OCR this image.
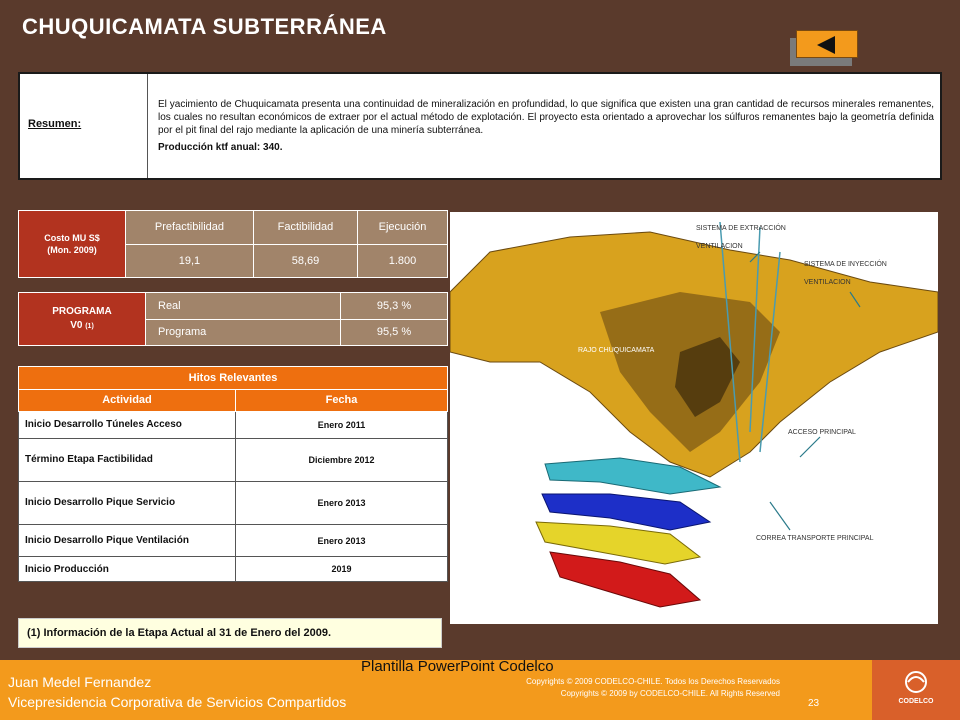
CHUQUICAMATA SUBTERRÁNEA
Resumen:
El yacimiento de Chuquicamata presenta una continuidad de mineralización en profundidad, lo que significa que existen una gran cantidad de recursos minerales remanentes, los cuales no resultan económicos de extraer por el actual método de explotación. El proyecto esta orientado a aprovechar los súlfuros remanentes bajo la geometría definida por el pit final del rajo mediante la aplicación de una minería subterránea.
Producción ktf anual: 340.
Costo MU S$
(Mon. 2009)	Prefactibilidad	Factibilidad	Ejecución
	19,1	58,69	1.800
PROGRAMA
V0 (1)	Real	95,3 %
	Programa	95,5 %
Hitos Relevantes	
Actividad	Fecha
Inicio Desarrollo Túneles Acceso	Enero 2011
Término Etapa Factibilidad	Diciembre 2012
Inicio Desarrollo Pique Servicio	Enero 2013
Inicio Desarrollo Pique Ventilación	Enero 2013
Inicio Producción	2019
(1) Información de la Etapa Actual al 31 de Enero del 2009.
SISTEMA DE EXTRACCIÓN
VENTILACION
SISTEMA DE INYECCIÓN
VENTILACION
RAJO CHUQUICAMATA
ACCESO PRINCIPAL
CORREA TRANSPORTE PRINCIPAL
Plantilla PowerPoint Codelco
Juan Medel Fernandez
Vicepresidencia Corporativa de Servicios Compartidos
Copyrights © 2009 CODELCO-CHILE. Todos los Derechos Reservados
Copyrights © 2009 by CODELCO-CHILE. All Rights Reserved
23	CODELCO
